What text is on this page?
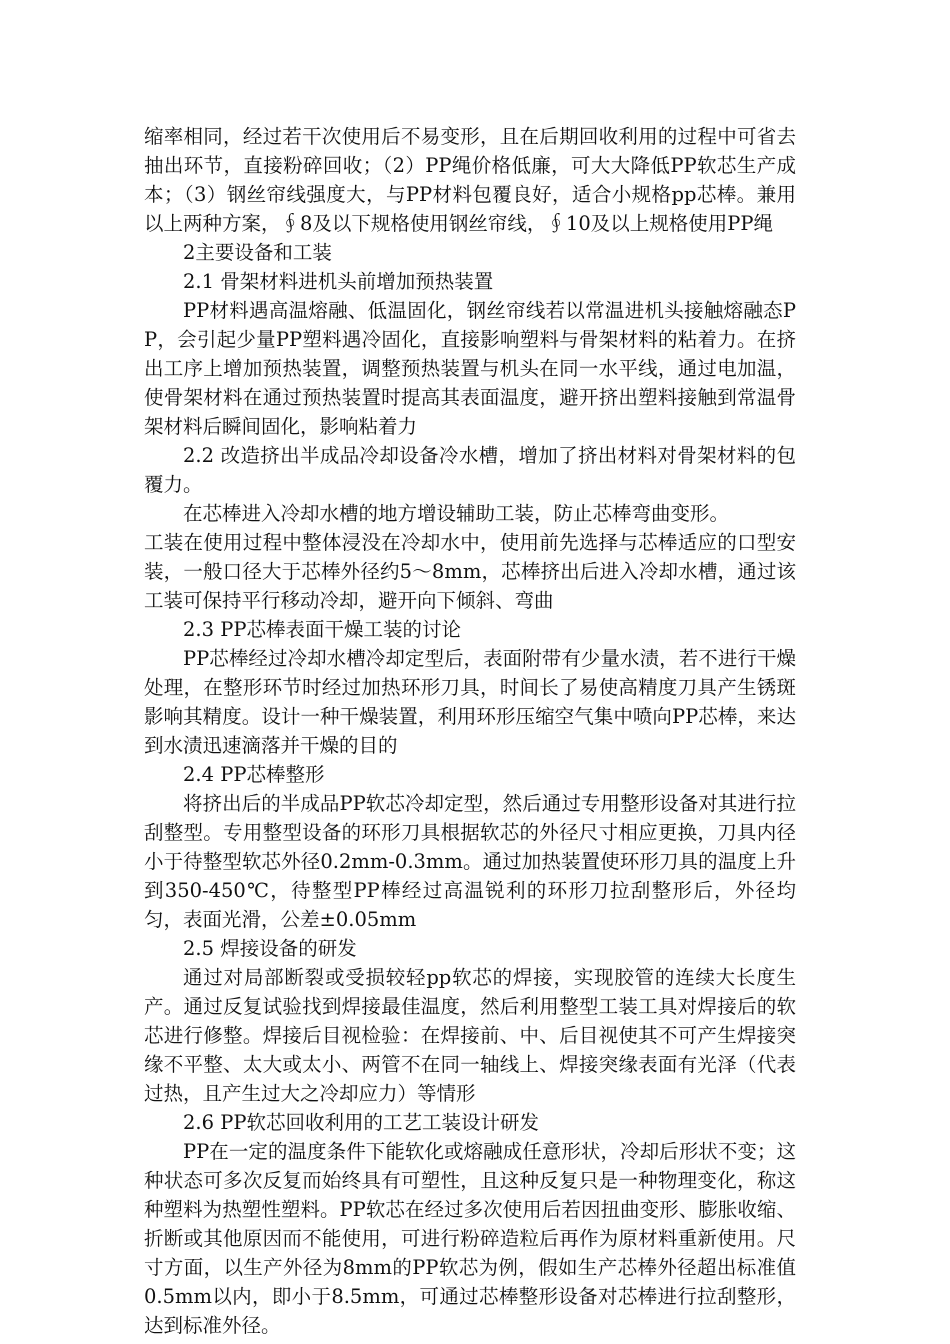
缩率相同，经过若干次使用后不易变形，且在后期回收利用的过程中可省去抽出环节，直接粉碎回收；（2）PP绳价格低廉，可大大降低PP软芯生产成本；（3）钢丝帘线强度大，与PP材料包覆良好，适合小规格pp芯棒。兼用以上两种方案，∮8及以下规格使用钢丝帘线，∮10及以上规格使用PP绳

2主要设备和工装

2.1 骨架材料进机头前增加预热装置

PP材料遇高温熔融、低温固化，钢丝帘线若以常温进机头接触熔融态PP，会引起少量PP塑料遇冷固化，直接影响塑料与骨架材料的粘着力。在挤出工序上增加预热装置，调整预热装置与机头在同一水平线，通过电加温，使骨架材料在通过预热装置时提高其表面温度，避开挤出塑料接触到常温骨架材料后瞬间固化，影响粘着力

2.2 改造挤出半成品冷却设备冷水槽，增加了挤出材料对骨架材料的包覆力。

在芯棒进入冷却水槽的地方增设辅助工装，防止芯棒弯曲变形。

工装在使用过程中整体浸没在冷却水中，使用前先选择与芯棒适应的口型安装，一般口径大于芯棒外径约5～8mm，芯棒挤出后进入冷却水槽，通过该工装可保持平行移动冷却，避开向下倾斜、弯曲

2.3 PP芯棒表面干燥工装的讨论

PP芯棒经过冷却水槽冷却定型后，表面附带有少量水渍，若不进行干燥处理，在整形环节时经过加热环形刀具，时间长了易使高精度刀具产生锈斑影响其精度。设计一种干燥装置，利用环形压缩空气集中喷向PP芯棒，来达到水渍迅速滴落并干燥的目的

2.4 PP芯棒整形

将挤出后的半成品PP软芯冷却定型，然后通过专用整形设备对其进行拉刮整型。专用整型设备的环形刀具根据软芯的外径尺寸相应更换，刀具内径小于待整型软芯外径0.2mm-0.3mm。通过加热装置使环形刀具的温度上升到350-450℃，待整型PP棒经过高温锐利的环形刀拉刮整形后，外径均匀，表面光滑，公差±0.05mm

2.5 焊接设备的研发

通过对局部断裂或受损较轻pp软芯的焊接，实现胶管的连续大长度生产。通过反复试验找到焊接最佳温度，然后利用整型工装工具对焊接后的软芯进行修整。焊接后目视检验：在焊接前、中、后目视使其不可产生焊接突缘不平整、太大或太小、两管不在同一轴线上、焊接突缘表面有光泽（代表过热，且产生过大之冷却应力）等情形

2.6 PP软芯回收利用的工艺工装设计研发

PP在一定的温度条件下能软化或熔融成任意形状，冷却后形状不变；这种状态可多次反复而始终具有可塑性，且这种反复只是一种物理变化，称这种塑料为热塑性塑料。PP软芯在经过多次使用后若因扭曲变形、膨胀收缩、折断或其他原因而不能使用，可进行粉碎造粒后再作为原材料重新使用。尺寸方面，以生产外径为8mm的PP软芯为例，假如生产芯棒外径超出标准值0.5mm以内，即小于8.5mm，可通过芯棒整形设备对芯棒进行拉刮整形，达到标准外径。
